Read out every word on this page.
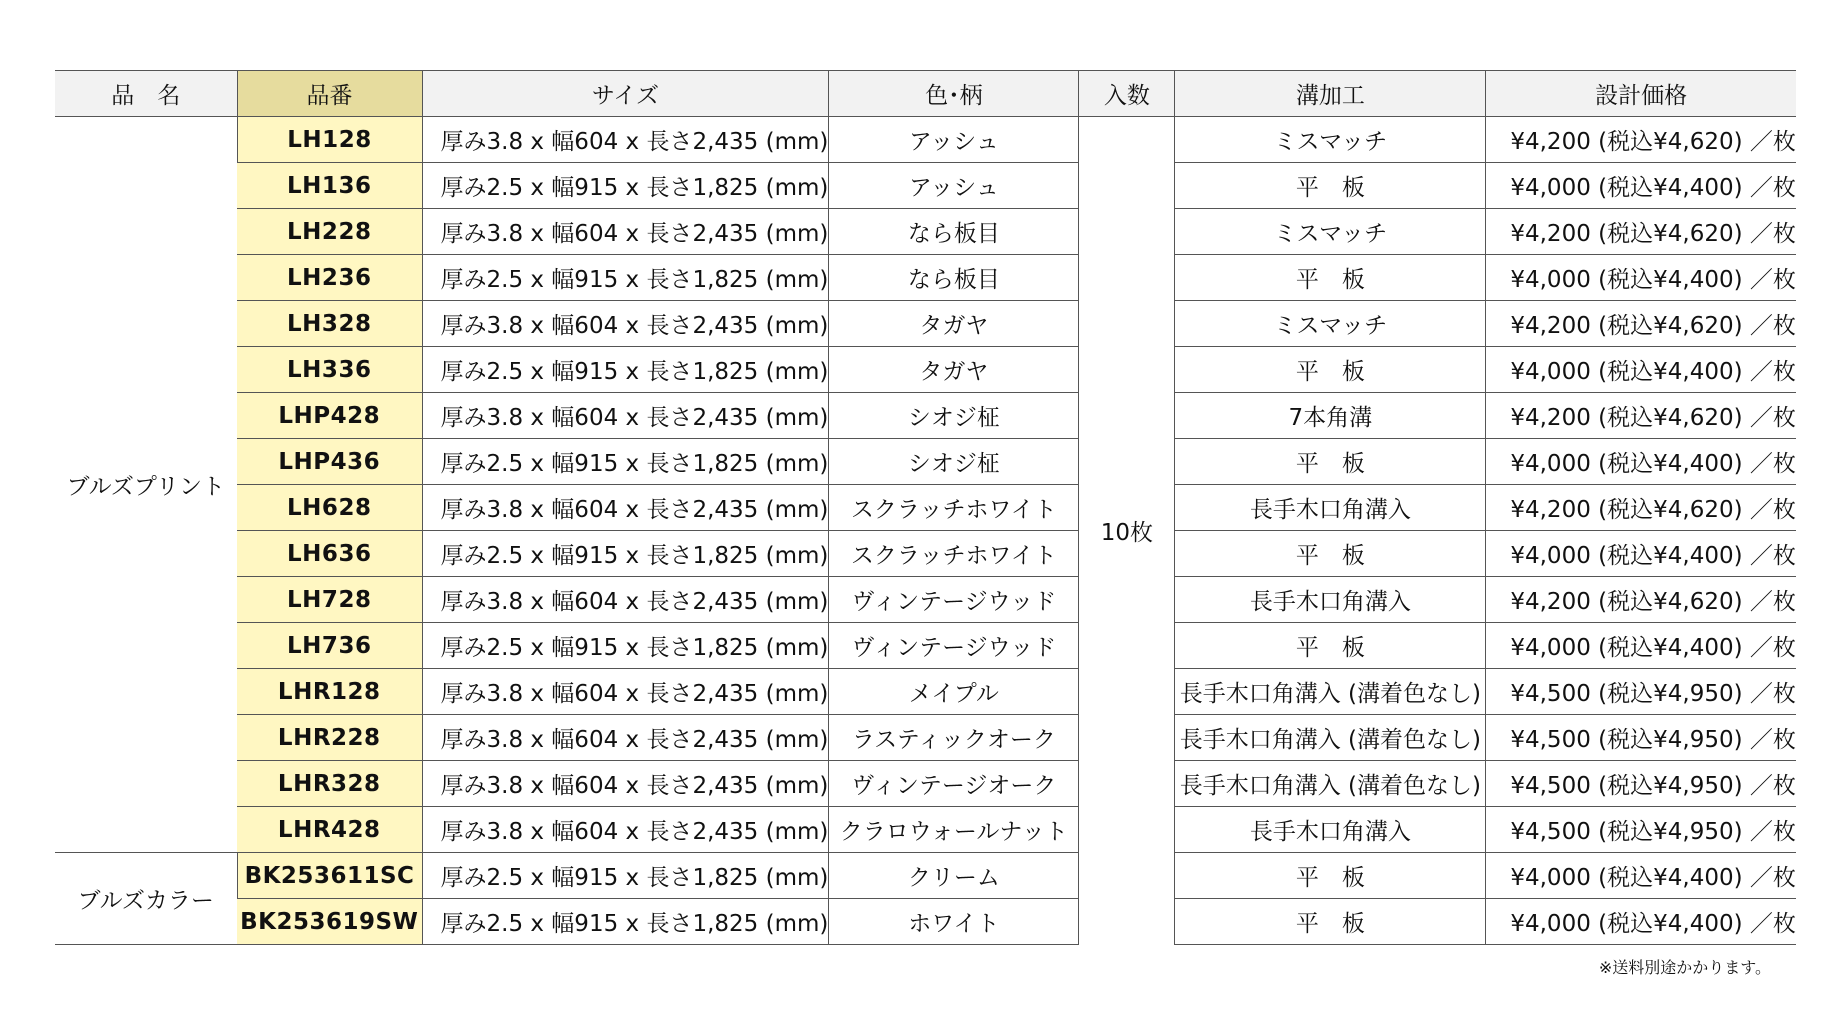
品　名	品番	サイズ	色･柄	入数	溝加工	設計価格
ブルズプリント	LH128	厚み3.8 x 幅604 x 長さ2,435 (mm)	アッシュ	10枚	ミスマッチ	¥4,200 (税込¥4,620) ／枚
	LH136	厚み2.5 x 幅915 x 長さ1,825 (mm)	アッシュ		平　板	¥4,000 (税込¥4,400) ／枚
	LH228	厚み3.8 x 幅604 x 長さ2,435 (mm)	なら板目		ミスマッチ	¥4,200 (税込¥4,620) ／枚
	LH236	厚み2.5 x 幅915 x 長さ1,825 (mm)	なら板目		平　板	¥4,000 (税込¥4,400) ／枚
	LH328	厚み3.8 x 幅604 x 長さ2,435 (mm)	タガヤ		ミスマッチ	¥4,200 (税込¥4,620) ／枚
	LH336	厚み2.5 x 幅915 x 長さ1,825 (mm)	タガヤ		平　板	¥4,000 (税込¥4,400) ／枚
	LHP428	厚み3.8 x 幅604 x 長さ2,435 (mm)	シオジ柾		7本角溝	¥4,200 (税込¥4,620) ／枚
	LHP436	厚み2.5 x 幅915 x 長さ1,825 (mm)	シオジ柾		平　板	¥4,000 (税込¥4,400) ／枚
	LH628	厚み3.8 x 幅604 x 長さ2,435 (mm)	スクラッチホワイト		長手木口角溝入	¥4,200 (税込¥4,620) ／枚
	LH636	厚み2.5 x 幅915 x 長さ1,825 (mm)	スクラッチホワイト		平　板	¥4,000 (税込¥4,400) ／枚
	LH728	厚み3.8 x 幅604 x 長さ2,435 (mm)	ヴィンテージウッド		長手木口角溝入	¥4,200 (税込¥4,620) ／枚
	LH736	厚み2.5 x 幅915 x 長さ1,825 (mm)	ヴィンテージウッド		平　板	¥4,000 (税込¥4,400) ／枚
	LHR128	厚み3.8 x 幅604 x 長さ2,435 (mm)	メイプル		長手木口角溝入 (溝着色なし)	¥4,500 (税込¥4,950) ／枚
	LHR228	厚み3.8 x 幅604 x 長さ2,435 (mm)	ラスティックオーク		長手木口角溝入 (溝着色なし)	¥4,500 (税込¥4,950) ／枚
	LHR328	厚み3.8 x 幅604 x 長さ2,435 (mm)	ヴィンテージオーク		長手木口角溝入 (溝着色なし)	¥4,500 (税込¥4,950) ／枚
	LHR428	厚み3.8 x 幅604 x 長さ2,435 (mm)	クラロウォールナット		長手木口角溝入	¥4,500 (税込¥4,950) ／枚
ブルズカラー	BK253611SC	厚み2.5 x 幅915 x 長さ1,825 (mm)	クリーム		平　板	¥4,000 (税込¥4,400) ／枚
	BK253619SW	厚み2.5 x 幅915 x 長さ1,825 (mm)	ホワイト		平　板	¥4,000 (税込¥4,400) ／枚
※送料別途かかります。
